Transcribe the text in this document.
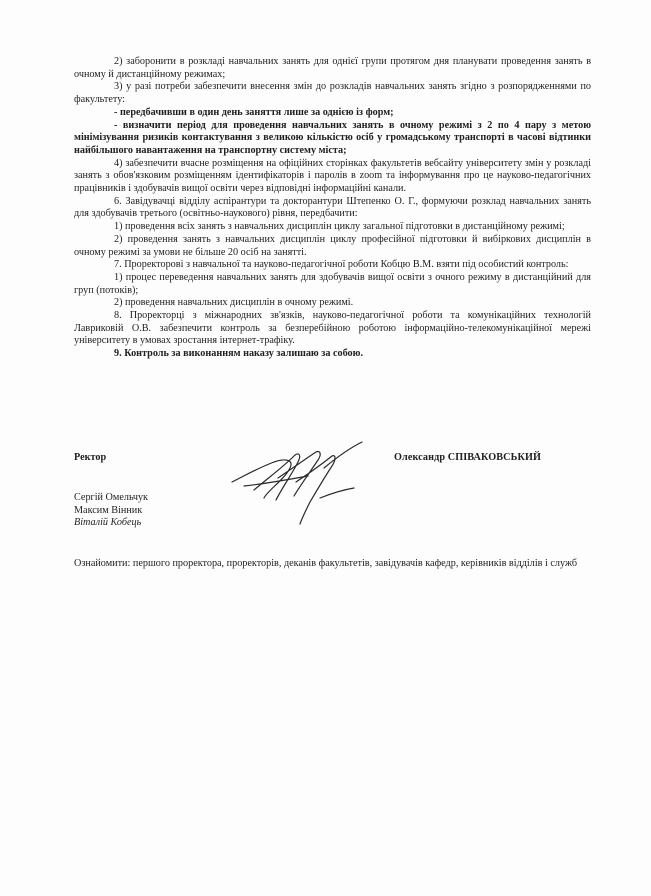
2) заборонити в розкладі навчальних занять для однієї групи протягом дня планувати проведення занять в очному й дистанційному режимах;

3) у разі потреби забезпечити внесення змін до розкладів навчальних занять згідно з розпорядженнями по факультету:

- передбачивши в один день заняття лише за однією із форм;

- визначити період для проведення навчальних занять в очному режимі з 2 по 4 пару з метою мінімізування ризиків контактування з великою кількістю осіб у громадському транспорті в часові відтинки найбільшого навантаження на транспортну систему міста;

4) забезпечити вчасне розміщення на офіційних сторінках факультетів вебсайту університету змін у розкладі занять з обов'язковим розміщенням ідентифікаторів і паролів в zoom та інформування про це науково-педагогічних працівників і здобувачів вищої освіти через відповідні інформаційні канали.

6. Завідувачці відділу аспірантури та докторантури Штепенко О. Г., формуючи розклад навчальних занять для здобувачів третього (освітньо-наукового) рівня, передбачити:

1) проведення всіх занять з навчальних дисциплін циклу загальної підготовки в дистанційному режимі;

2) проведення занять з навчальних дисциплін циклу професійної підготовки й вибіркових дисциплін в очному режимі за умови не більше 20 осіб на занятті.

7. Проректорові з навчальної та науково-педагогічної роботи Кобцю В.М. взяти під особистий контроль:

1) процес переведення навчальних занять для здобувачів вищої освіти з очного режиму в дистанційний для груп (потоків);

2) проведення навчальних дисциплін в очному режимі.

8. Проректорці з міжнародних зв'язків, науково-педагогічної роботи та комунікаційних технологій Лавриковій О.В. забезпечити контроль за безперебійною роботою інформаційно-телекомунікаційної мережі університету в умовах зростання інтернет-трафіку.

9. Контроль за виконанням наказу залишаю за собою.

Ректор	Олександр СПІВАКОВСЬКИЙ

Сергій Омельчук

Максим Вінник

Віталій Кобець

Ознайомити: першого проректора, проректорів, деканів факультетів, завідувачів кафедр, керівників відділів і служб
